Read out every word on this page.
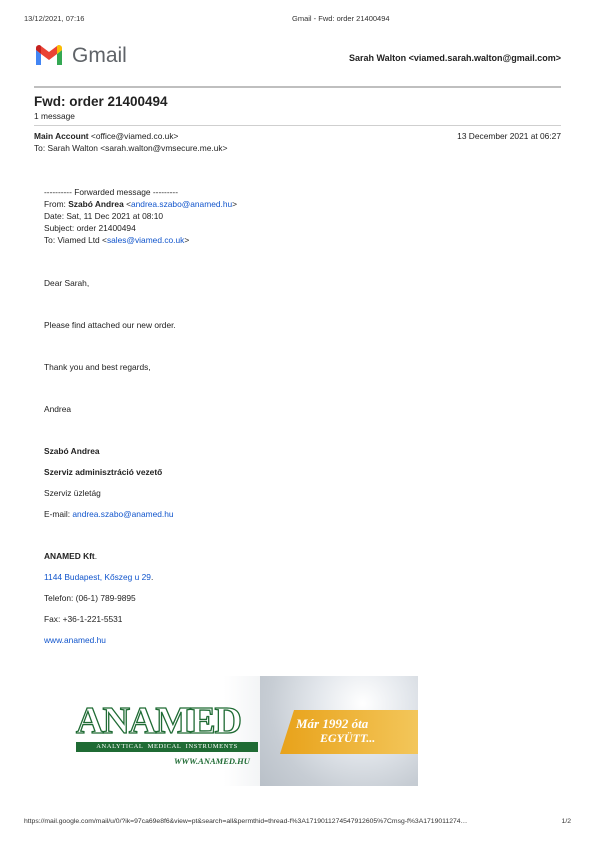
13/12/2021, 07:16	Gmail - Fwd: order 21400494
Gmail	Sarah Walton <viamed.sarah.walton@gmail.com>
Fwd: order 21400494
1 message
Main Account <office@viamed.co.uk>	13 December 2021 at 06:27
To: Sarah Walton <sarah.walton@vmsecure.me.uk>
---------- Forwarded message ---------
From: Szabó Andrea <andrea.szabo@anamed.hu>
Date: Sat, 11 Dec 2021 at 08:10
Subject: order 21400494
To: Viamed Ltd <sales@viamed.co.uk>
Dear Sarah,
Please find attached our new order.
Thank you and best regards,
Andrea
Szabó Andrea
Szerviz adminisztráció vezető
Szerviz üzletág
E-mail: andrea.szabo@anamed.hu
ANAMED Kft.
1144 Budapest, Kőszeg u 29.
Telefon: (06-1) 789-9895
Fax: +36-1-221-5531
www.anamed.hu
Már 1992 óta
EGYÜTT...
ANAMED
ANALYTICAL  MEDICAL  INSTRUMENTS
WWW.ANAMED.HU
https://mail.google.com/mail/u/0/?ik=97ca69e8f6&view=pt&search=all&permthid=thread-f%3A1719011274547912605%7Cmsg-f%3A1719011274…	1/2
